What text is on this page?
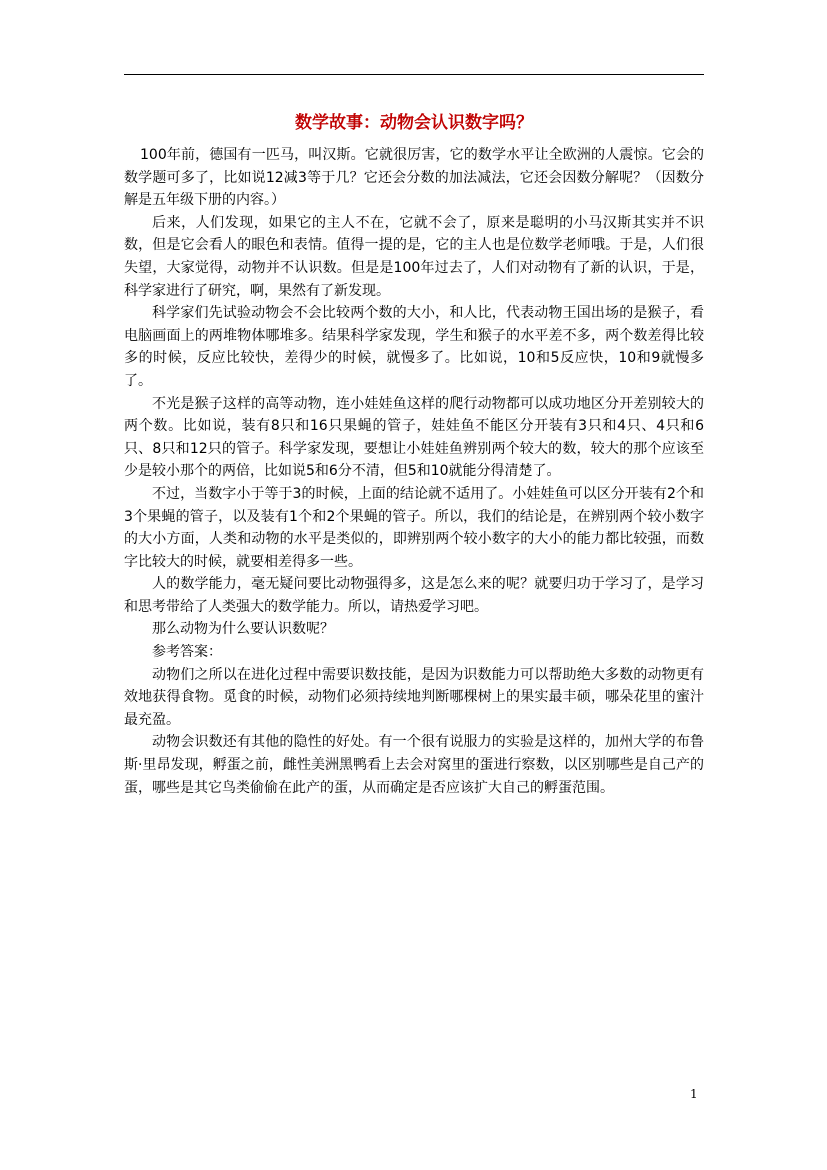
数学故事：动物会认识数字吗？

100年前，德国有一匹马，叫汉斯。它就很厉害，它的数学水平让全欧洲的人震惊。它会的数学题可多了，比如说12减3等于几？它还会分数的加法减法，它还会因数分解呢？（因数分解是五年级下册的内容。）

后来，人们发现，如果它的主人不在，它就不会了，原来是聪明的小马汉斯其实并不识数，但是它会看人的眼色和表情。值得一提的是，它的主人也是位数学老师哦。于是，人们很失望，大家觉得，动物并不认识数。但是是100年过去了，人们对动物有了新的认识，于是，科学家进行了研究，啊，果然有了新发现。

科学家们先试验动物会不会比较两个数的大小，和人比，代表动物王国出场的是猴子，看电脑画面上的两堆物体哪堆多。结果科学家发现，学生和猴子的水平差不多，两个数差得比较多的时候，反应比较快，差得少的时候，就慢多了。比如说，10和5反应快，10和9就慢多了。

不光是猴子这样的高等动物，连小娃娃鱼这样的爬行动物都可以成功地区分开差别较大的两个数。比如说，装有8只和16只果蝇的管子，娃娃鱼不能区分开装有3只和4只、4只和6只、8只和12只的管子。科学家发现，要想让小娃娃鱼辨别两个较大的数，较大的那个应该至少是较小那个的两倍，比如说5和6分不清，但5和10就能分得清楚了。

不过，当数字小于等于3的时候，上面的结论就不适用了。小娃娃鱼可以区分开装有2个和3个果蝇的管子，以及装有1个和2个果蝇的管子。所以，我们的结论是，在辨别两个较小数字的大小方面，人类和动物的水平是类似的，即辨别两个较小数字的大小的能力都比较强，而数字比较大的时候，就要相差得多一些。

人的数学能力，毫无疑问要比动物强得多，这是怎么来的呢？就要归功于学习了，是学习和思考带给了人类强大的数学能力。所以，请热爱学习吧。

那么动物为什么要认识数呢？

参考答案：

动物们之所以在进化过程中需要识数技能，是因为识数能力可以帮助绝大多数的动物更有效地获得食物。觅食的时候，动物们必须持续地判断哪棵树上的果实最丰硕，哪朵花里的蜜汁最充盈。

动物会识数还有其他的隐性的好处。有一个很有说服力的实验是这样的，加州大学的布鲁斯·里昂发现，孵蛋之前，雌性美洲黑鸭看上去会对窝里的蛋进行察数，以区别哪些是自己产的蛋，哪些是其它鸟类偷偷在此产的蛋，从而确定是否应该扩大自己的孵蛋范围。

1
